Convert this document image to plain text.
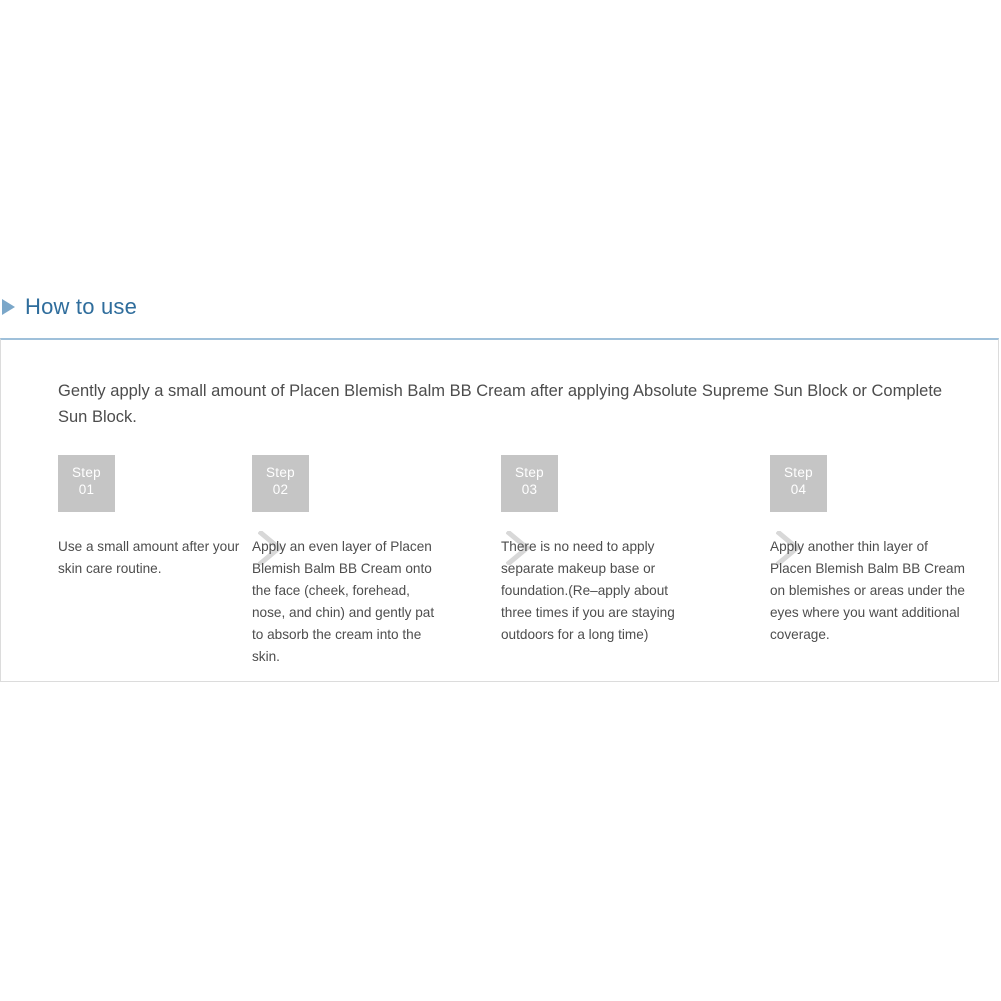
How to use
Gently apply a small amount of Placen Blemish Balm BB Cream after applying Absolute Supreme Sun Block or Complete Sun Block.
Step
01
Use a small amount after your skin care routine.
Step
02
Apply an even layer of Placen Blemish Balm BB Cream onto the face (cheek, forehead, nose, and chin) and gently pat to absorb the cream into the skin.
Step
03
There is no need to apply separate makeup base or foundation.(Re–apply about three times if you are staying outdoors for a long time)
Step
04
Apply another thin layer of Placen Blemish Balm BB Cream on blemishes or areas under the eyes where you want additional coverage.
